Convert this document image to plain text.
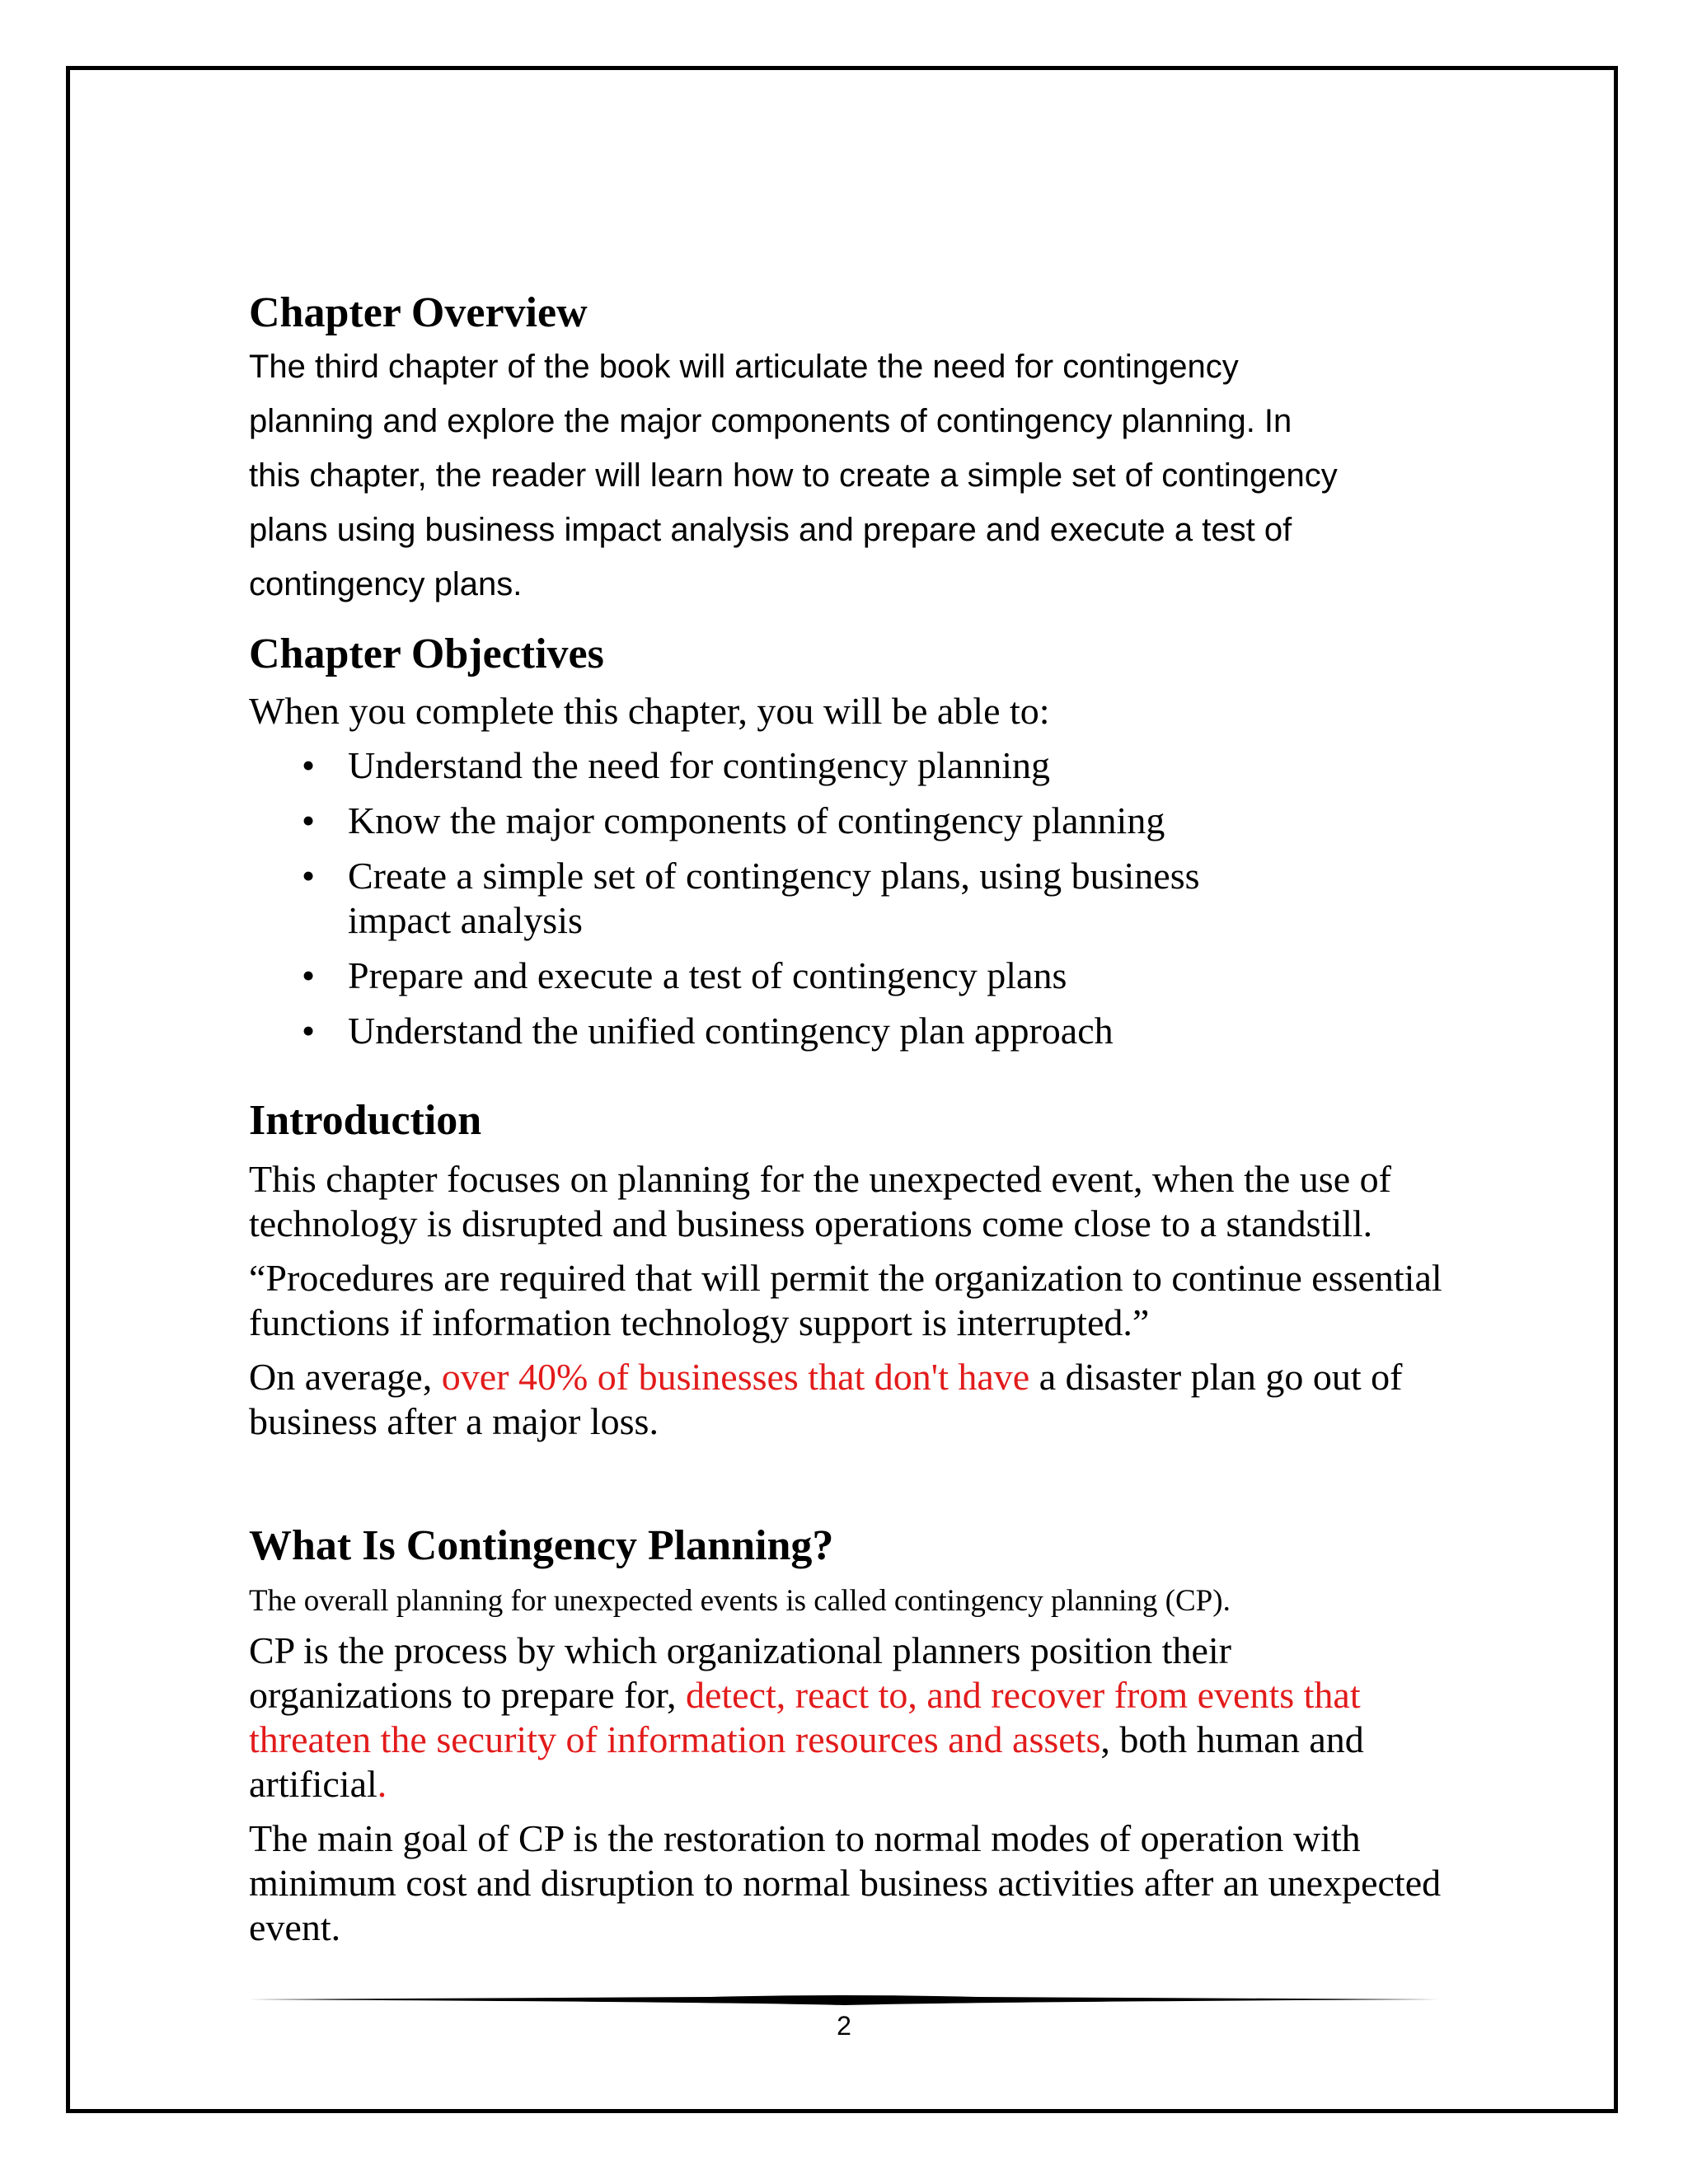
Chapter Overview

The third chapter of the book will articulate the need for contingency
planning and explore the major components of contingency planning. In
this chapter, the reader will learn how to create a simple set of contingency
plans using business impact analysis and prepare and execute a test of
contingency plans.

Chapter Objectives

When you complete this chapter, you will be able to:

• Understand the need for contingency planning
• Know the major components of contingency planning
• Create a simple set of contingency plans, using business impact analysis
• Prepare and execute a test of contingency plans
• Understand the unified contingency plan approach
Introduction

This chapter focuses on planning for the unexpected event, when the use of technology is disrupted and business operations come close to a standstill.

“Procedures are required that will permit the organization to continue essential functions if information technology support is interrupted.”

On average, over 40% of businesses that don't have a disaster plan go out of business after a major loss.

What Is Contingency Planning?

The overall planning for unexpected events is called contingency planning (CP).

CP is the process by which organizational planners position their organizations to prepare for, detect, react to, and recover from events that threaten the security of information resources and assets, both human and artificial.

The main goal of CP is the restoration to normal modes of operation with minimum cost and disruption to normal business activities after an unexpected event.

2
